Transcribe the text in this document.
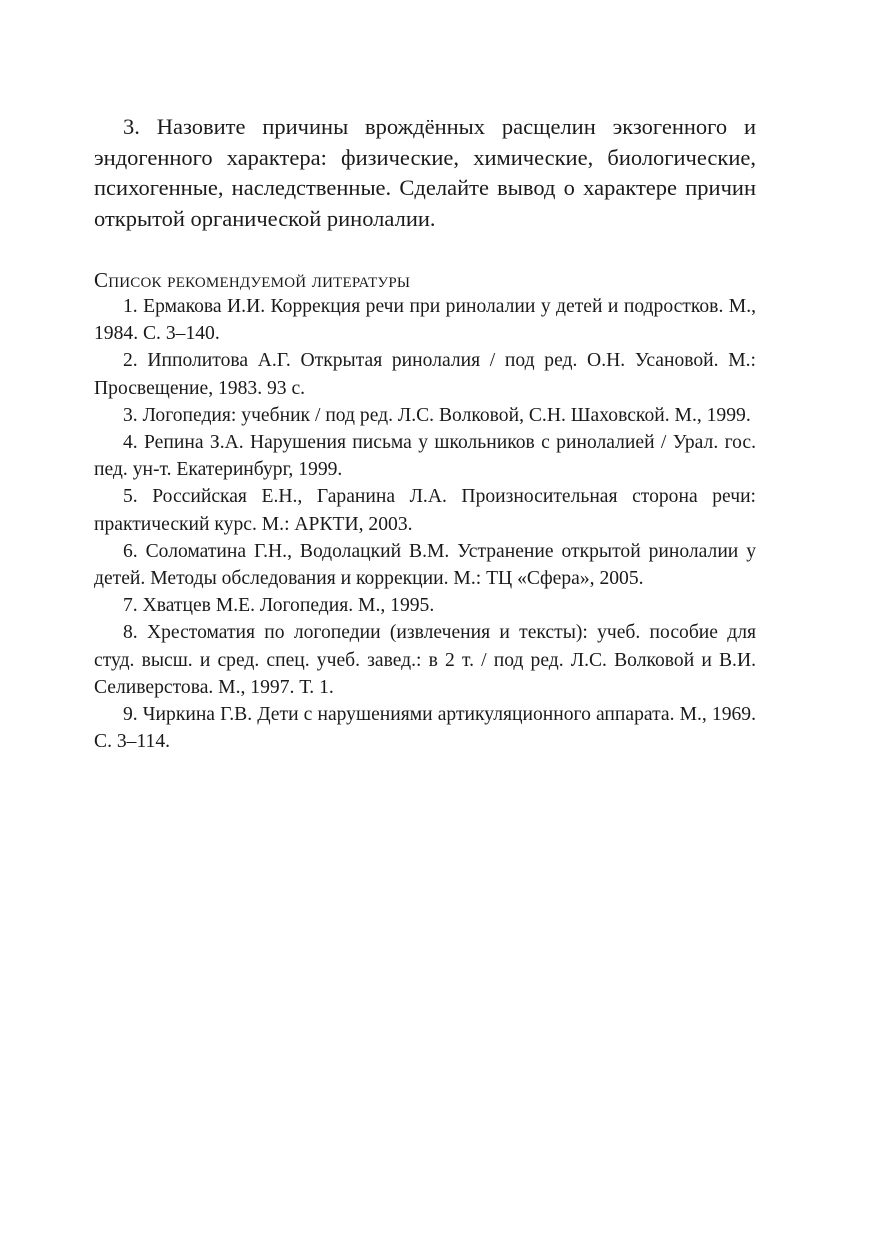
3. Назовите причины врождённых расщелин экзогенного и эндогенного характера: физические, химические, биологические, психогенные, наследственные. Сделайте вывод о характере причин открытой органической ринолалии.

Список рекомендуемой литературы
1. Ермакова И.И. Коррекция речи при ринолалии у детей и подростков. М., 1984. С. 3–140.
2. Ипполитова А.Г. Открытая ринолалия / под ред. О.Н. Усановой. М.: Просвещение, 1983. 93 с.
3. Логопедия: учебник / под ред. Л.С. Волковой, С.Н. Шаховской. М., 1999.
4. Репина З.А. Нарушения письма у школьников с ринолалией / Урал. гос. пед. ун-т. Екатеринбург, 1999.
5. Российская Е.Н., Гаранина Л.А. Произносительная сторона речи: практический курс. М.: АРКТИ, 2003.
6. Соломатина Г.Н., Водолацкий В.М. Устранение открытой ринолалии у детей. Методы обследования и коррекции. М.: ТЦ «Сфера», 2005.
7. Хватцев М.Е. Логопедия. М., 1995.
8. Хрестоматия по логопедии (извлечения и тексты): учеб. пособие для студ. высш. и сред. спец. учеб. завед.: в 2 т. / под ред. Л.С. Волковой и В.И. Селиверстова. М., 1997. Т. 1.
9. Чиркина Г.В. Дети с нарушениями артикуляционного аппарата. М., 1969. С. 3–114.
